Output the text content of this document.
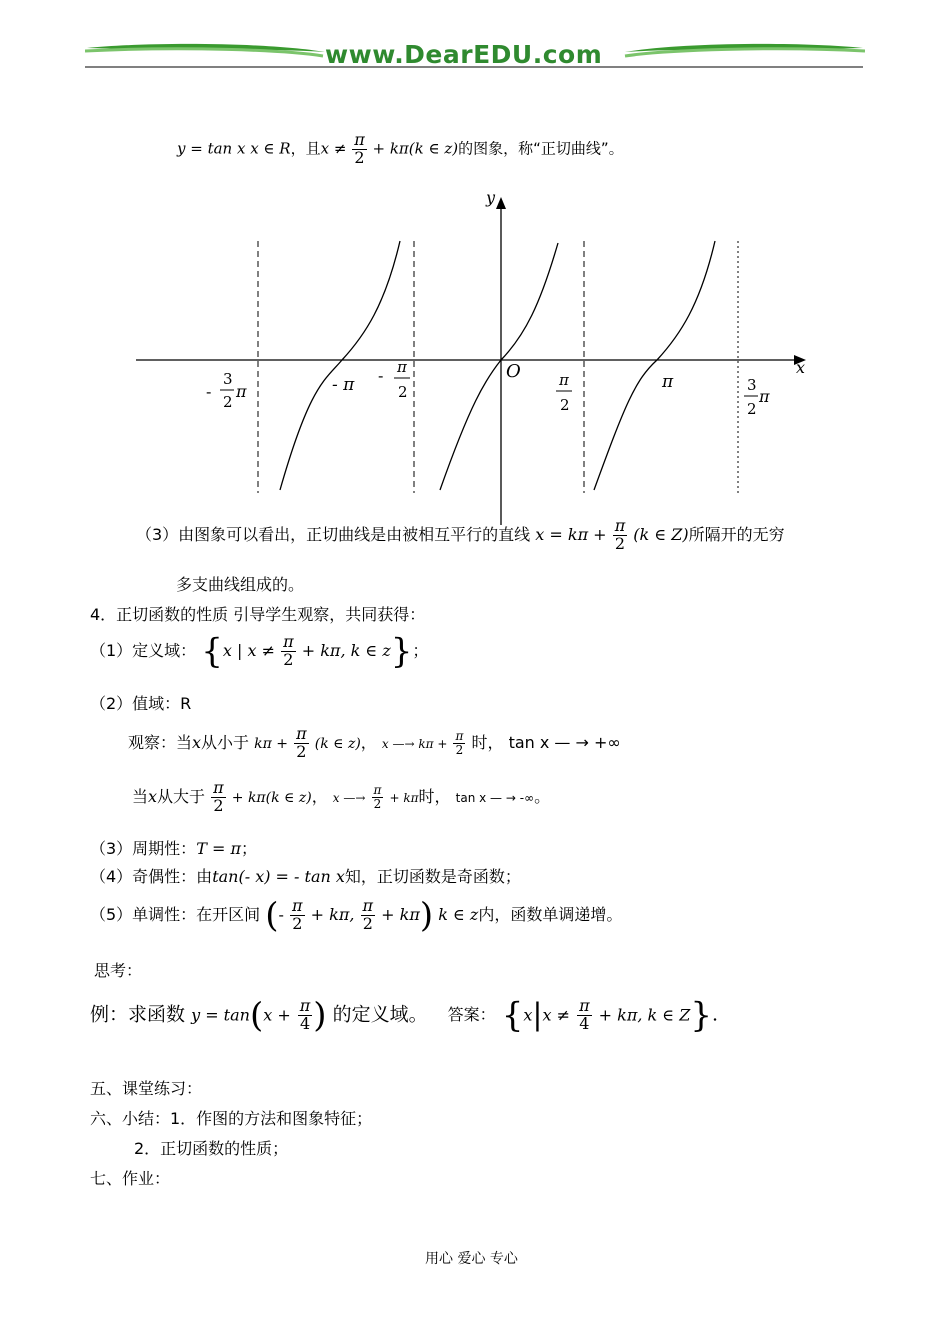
www.DearEDU.com
y = tan x x ∈ R，且$x \ne \frac{\pi}{2} + k\pi(k$ ∈ z)的图象，称“正切曲线”。
y
x
O
-
3
2
π	- π - π
2
π
2
π	3
2
π
（3）由图象可以看出，正切曲线是由被相互平行的直线 $x = k\pi + \frac{\pi}{2} (k$ ∈ Z)所隔开的无穷
多支曲线组成的。
4．正切函数的性质 引导学生观察，共同获得：
（1）定义域： {x | $x \ne \frac{\pi}{2} + k\pi$, k ∈ z}；
（2）值域：R
观察：当x从小于 $k\pi + \frac{\pi}{2} (k$ ∈ z)， x —→ $k\pi + \frac{\pi}{2}$ 时， tan x — → +∞
当x从大于 $\frac{\pi}{2} + k\pi(k$ ∈ z)， x —→ $\frac{\pi}{2} + k\pi$时， tan x — → -∞。
（3）周期性：T = π；
（4）奇偶性：由tan(- x) = - tan x知，正切函数是奇函数；
（5）单调性：在开区间 (- $\frac{\pi}{2} + k\pi$, $\frac{\pi}{2} + k\pi$) k ∈ z内，函数单调递增。
思考：
例：求函数 $y = \tan(x + \frac{\pi}{4}$ ) 的定义域。 答案： {$x|x \ne \frac{\pi}{4} + k\pi$, k ∈ Z}.
五、课堂练习：
六、小结：1．作图的方法和图象特征；
2．正切函数的性质；
七、作业：
用心 爱心 专心
